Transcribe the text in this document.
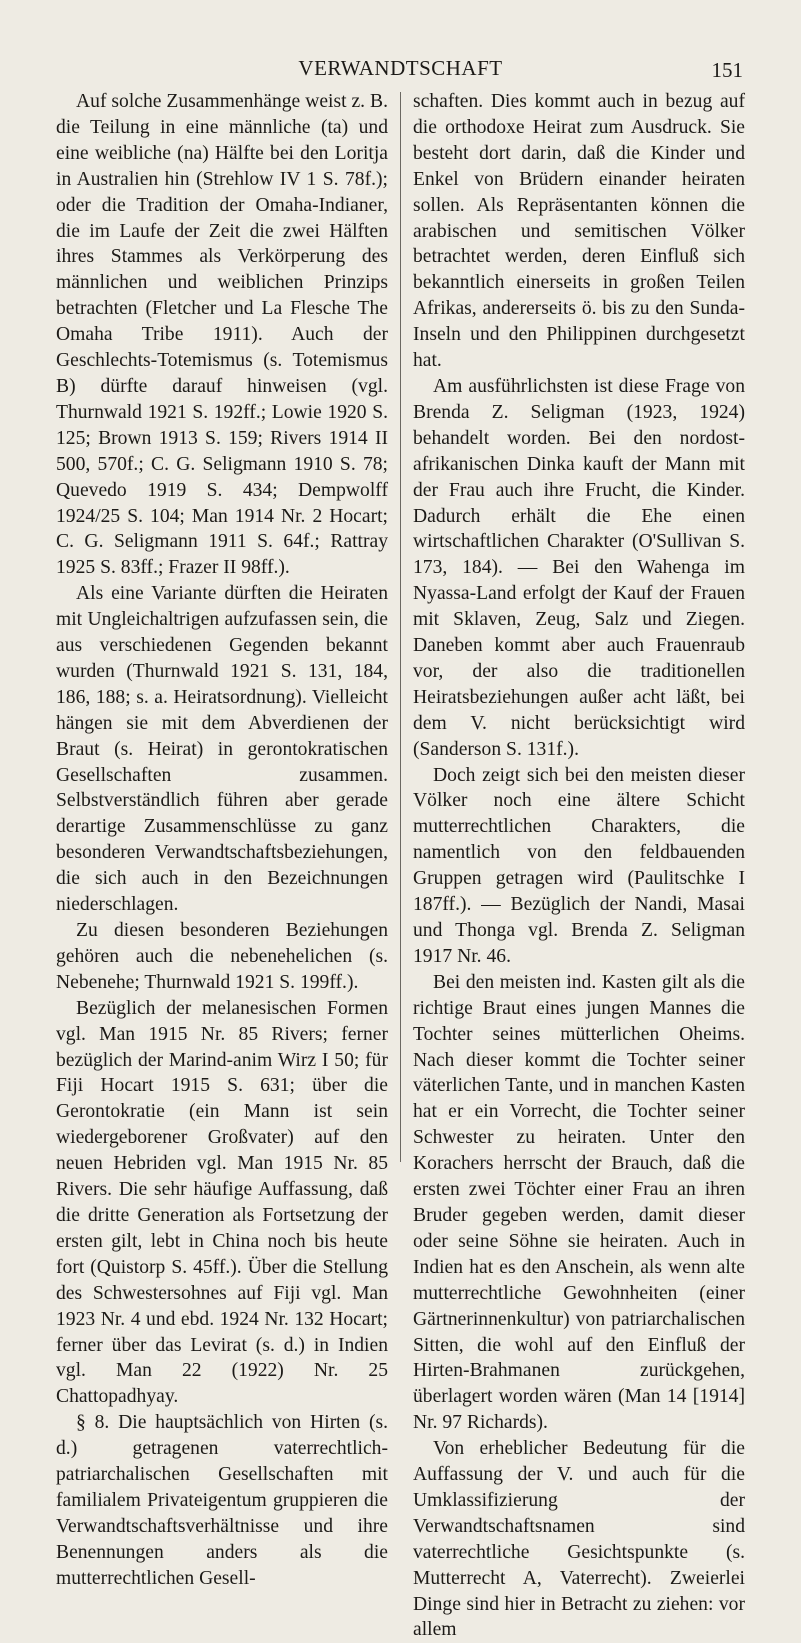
VERWANDTSCHAFT	151

Auf solche Zusammenhänge weist z. B. die Teilung in eine männliche (ta) und eine weibliche (na) Hälfte bei den Loritja in Australien hin (Strehlow IV 1 S. 78f.); oder die Tradition der Omaha-Indianer, die im Laufe der Zeit die zwei Hälften ihres Stammes als Verkörperung des männlichen und weiblichen Prinzips betrachten (Fletcher und La Flesche The Omaha Tribe 1911). Auch der Geschlechts-Totemismus (s. Totemismus B) dürfte darauf hinweisen (vgl. Thurnwald 1921 S. 192ff.; Lowie 1920 S. 125; Brown 1913 S. 159; Rivers 1914 II 500, 570f.; C. G. Seligmann 1910 S. 78; Quevedo 1919 S. 434; Dempwolff 1924/25 S. 104; Man 1914 Nr. 2 Hocart; C. G. Seligmann 1911 S. 64f.; Rattray 1925 S. 83ff.; Frazer II 98ff.).

Als eine Variante dürften die Heiraten mit Ungleichaltrigen aufzufassen sein, die aus verschiedenen Gegenden bekannt wurden (Thurnwald 1921 S. 131, 184, 186, 188; s. a. Heiratsordnung). Vielleicht hängen sie mit dem Abverdienen der Braut (s. Heirat) in gerontokratischen Gesellschaften zusammen. Selbstverständlich führen aber gerade derartige Zusammenschlüsse zu ganz besonderen Verwandtschaftsbeziehungen, die sich auch in den Bezeichnungen niederschlagen.

Zu diesen besonderen Beziehungen gehören auch die nebenehelichen (s. Nebenehe; Thurnwald 1921 S. 199ff.).

Bezüglich der melanesischen Formen vgl. Man 1915 Nr. 85 Rivers; ferner bezüglich der Marind-anim Wirz I 50; für Fiji Hocart 1915 S. 631; über die Gerontokratie (ein Mann ist sein wiedergeborener Großvater) auf den neuen Hebriden vgl. Man 1915 Nr. 85 Rivers. Die sehr häufige Auffassung, daß die dritte Generation als Fortsetzung der ersten gilt, lebt in China noch bis heute fort (Quistorp S. 45ff.). Über die Stellung des Schwestersohnes auf Fiji vgl. Man 1923 Nr. 4 und ebd. 1924 Nr. 132 Hocart; ferner über das Levirat (s. d.) in Indien vgl. Man 22 (1922) Nr. 25 Chattopadhyay.

§ 8. Die hauptsächlich von Hirten (s. d.) getragenen vaterrechtlich-patriarchalischen Gesellschaften mit familialem Privateigentum gruppieren die Verwandtschaftsverhältnisse und ihre Benennungen anders als die mutterrechtlichen Gesell-

schaften. Dies kommt auch in bezug auf die orthodoxe Heirat zum Ausdruck. Sie besteht dort darin, daß die Kinder und Enkel von Brüdern einander heiraten sollen. Als Repräsentanten können die arabischen und semitischen Völker betrachtet werden, deren Einfluß sich bekanntlich einerseits in großen Teilen Afrikas, andererseits ö. bis zu den Sunda-Inseln und den Philippinen durchgesetzt hat.

Am ausführlichsten ist diese Frage von Brenda Z. Seligman (1923, 1924) behandelt worden. Bei den nordost-afrikanischen Dinka kauft der Mann mit der Frau auch ihre Frucht, die Kinder. Dadurch erhält die Ehe einen wirtschaftlichen Charakter (O'Sullivan S. 173, 184). — Bei den Wahenga im Nyassa-Land erfolgt der Kauf der Frauen mit Sklaven, Zeug, Salz und Ziegen. Daneben kommt aber auch Frauenraub vor, der also die traditionellen Heiratsbeziehungen außer acht läßt, bei dem V. nicht berücksichtigt wird (Sanderson S. 131f.).

Doch zeigt sich bei den meisten dieser Völker noch eine ältere Schicht mutterrechtlichen Charakters, die namentlich von den feldbauenden Gruppen getragen wird (Paulitschke I 187ff.). — Bezüglich der Nandi, Masai und Thonga vgl. Brenda Z. Seligman 1917 Nr. 46.

Bei den meisten ind. Kasten gilt als die richtige Braut eines jungen Mannes die Tochter seines mütterlichen Oheims. Nach dieser kommt die Tochter seiner väterlichen Tante, und in manchen Kasten hat er ein Vorrecht, die Tochter seiner Schwester zu heiraten. Unter den Korachers herrscht der Brauch, daß die ersten zwei Töchter einer Frau an ihren Bruder gegeben werden, damit dieser oder seine Söhne sie heiraten. Auch in Indien hat es den Anschein, als wenn alte mutterrechtliche Gewohnheiten (einer Gärtnerinnenkultur) von patriarchalischen Sitten, die wohl auf den Einfluß der Hirten-Brahmanen zurückgehen, überlagert worden wären (Man 14 [1914] Nr. 97 Richards).

Von erheblicher Bedeutung für die Auffassung der V. und auch für die Umklassifizierung der Verwandtschaftsnamen sind vaterrechtliche Gesichtspunkte (s. Mutterrecht A, Vaterrecht). Zweierlei Dinge sind hier in Betracht zu ziehen: vor allem
